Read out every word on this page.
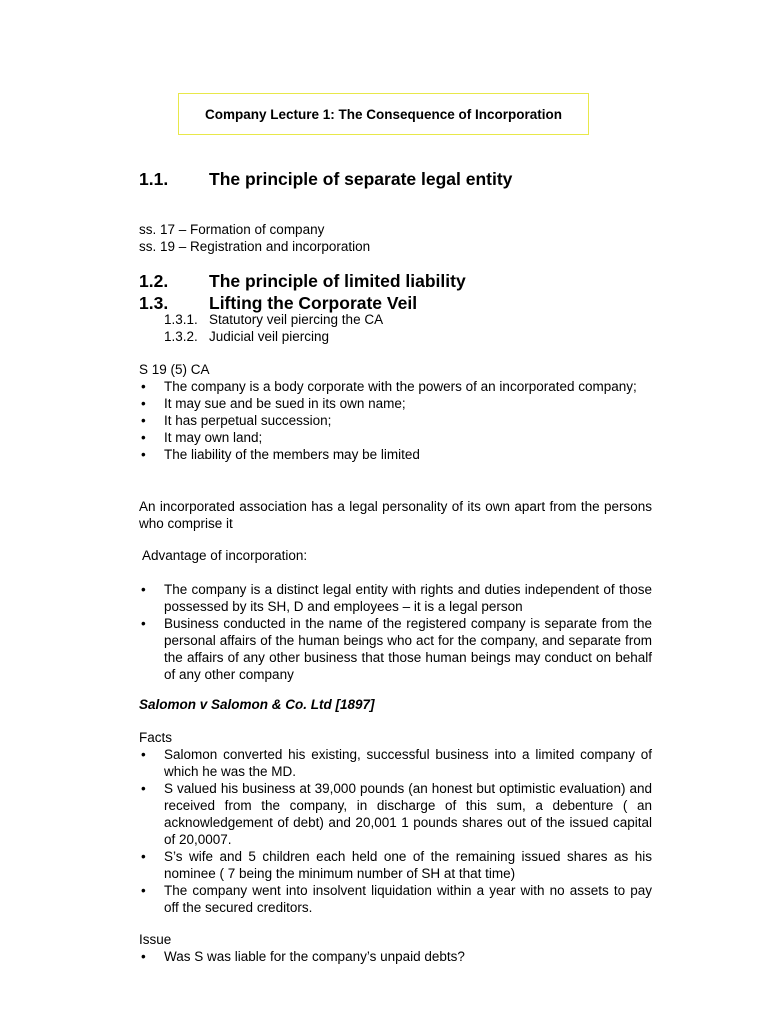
Company Lecture 1: The Consequence of Incorporation
1.1. The principle of separate legal entity
ss. 17 – Formation of company
ss. 19 – Registration and incorporation
1.2. The principle of limited liability
1.3. Lifting the Corporate Veil
1.3.1. Statutory veil piercing the CA
1.3.2. Judicial veil piercing
S 19 (5) CA
• The company is a body corporate with the powers of an incorporated company;
• It may sue and be sued in its own name;
• It has perpetual succession;
• It may own land;
• The liability of the members may be limited
An incorporated association has a legal personality of its own apart from the persons who comprise it
Advantage of incorporation:
• The company is a distinct legal entity with rights and duties independent of those possessed by its SH, D and employees – it is a legal person
• Business conducted in the name of the registered company is separate from the personal affairs of the human beings who act for the company, and separate from the affairs of any other business that those human beings may conduct on behalf of any other company
Salomon v Salomon & Co. Ltd [1897]
Facts
• Salomon converted his existing, successful business into a limited company of which he was the MD.
• S valued his business at 39,000 pounds (an honest but optimistic evaluation) and received from the company, in discharge of this sum, a debenture ( an acknowledgement of debt) and 20,001 1 pounds shares out of the issued capital of 20,0007.
• S’s wife and 5 children each held one of the remaining issued shares as his nominee ( 7 being the minimum number of SH at that time)
• The company went into insolvent liquidation within a year with no assets to pay off the secured creditors.
Issue
• Was S was liable for the company’s unpaid debts?
